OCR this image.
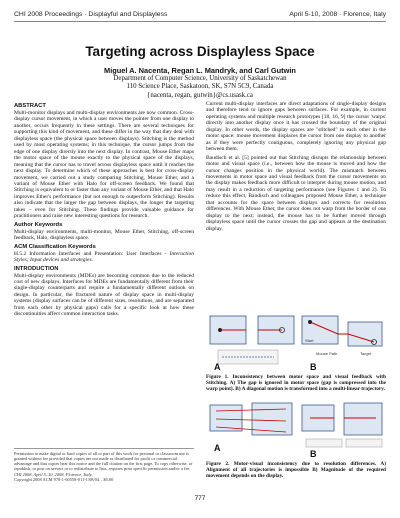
CHI 2008 Proceedings · Displayful and Displayless	April 5-10, 2008 · Florence, Italy
Targeting across Displayless Space
Miguel A. Nacenta, Regan L. Mandryk, and Carl Gutwin
Department of Computer Science, University of Saskatchewan
110 Science Place, Saskatoon, SK, S7N 5C9, Canada
{nacenta, regan, gutwin}@cs.usask.ca
ABSTRACT

Multi-monitor displays and multi-display environments are now common. Cross-display cursor movement, in which a user moves the pointer from one display to another, occurs frequently in these settings. There are several techniques for supporting this kind of movement, and these differ in the way that they deal with displayless space (the physical space between displays). Stitching is the method used by most operating systems; in this technique, the cursor jumps from the edge of one display directly into the next display. In contrast, Mouse Ether maps the motor space of the mouse exactly to the physical space of the displays, meaning that the cursor has to travel across displayless space until it reaches the next display. To determine which of these approaches is best for cross-display movement, we carried out a study comparing Stitching, Mouse Ether, and a variant of Mouse Ether with Halo for off-screen feedback. We found that Stitching is equivalent to or faster than any variant of Mouse Ether, and that Halo improves Ether's performance (but not enough to outperform Stitching). Results also indicate that the larger the gap between displays, the longer the targeting takes – even for Stitching. These findings provide valuable guidance for practitioners and raise new interesting questions for research.

Author Keywords

Multi-display environments, multi-monitor, Mouse Ether, Stitching, off-screen feedback, Halo, displayless space.

ACM Classification Keywords

H.5.2 Information Interfaces and Presentation: User Interfaces - Interaction Styles; Input devices and strategies.

INTRODUCTION

Multi-display environments (MDEs) are becoming common due to the reduced cost of new displays. Interfaces for MDEs are fundamentally different from their single-display counterparts and require a fundamentally different outlook on design. In particular, the fractured nature of display space in multi-display systems (display surfaces can be of different sizes, resolutions, and are separated from each other by physical gaps) calls for a specific look at how these discontinuities affect common interaction tasks.

Permission to make digital or hard copies of all or part of this work for personal or classroom use is granted without fee provided that copies are not made or distributed for profit or commercial advantage and that copies bear this notice and the full citation on the first page. To copy otherwise, or republish, to post on servers or to redistribute to lists, requires prior specific permission and/or a fee.
CHI 2008, April 5–10, 2008, Florence, Italy.
Copyright 2008 ACM 978-1-60558-011-1/08/04…$5.00

Current multi-display interfaces are direct adaptations of single-display designs and therefore tend to ignore gaps between surfaces. For example, in current operating systems and multiple research prototypes [18, 16, 9] the cursor 'warps' directly into another display once it has crossed the boundary of the original display. In other words, the display spaces are "stitched" to each other in the motor space: mouse movement displaces the cursor from one display to another as if they were perfectly contiguous, completely ignoring any physical gap between them.

Baudisch et al. [5] pointed out that Stitching disrupts the relationship between motor and visual space (i.e., between how the mouse is moved and how the cursor changes position in the physical world). The mismatch between movements in motor space and visual feedback from the cursor movements on the display makes feedback more difficult to interpret during mouse motion, and may result in a reduction of targeting performance (see Figures 1 and 2). To reduce this effect, Baudisch and colleagues proposed Mouse Ether, a technique that accounts for the space between displays and corrects for resolution differences. With Mouse Ether, the cursor does not warp from the border of one display to the next; instead, the mouse has to be further moved through displayless space until the cursor crosses the gap and appears at the destination display.

A
Start
Target
Mouse Path
B
Figure 1. Inconsistency between motor space and visual feedback with Stitching. A) The gap is ignored in motor space (gap is compressed into the warp point). B) A diagonal motion is transformed into a multi-linear trajectory.
A
B
Figure 2. Motor-visual inconsistency due to resolution differences. A) Alignment of all trajectories is impossible B) Magnitude of the required movement depends on the display.
777
